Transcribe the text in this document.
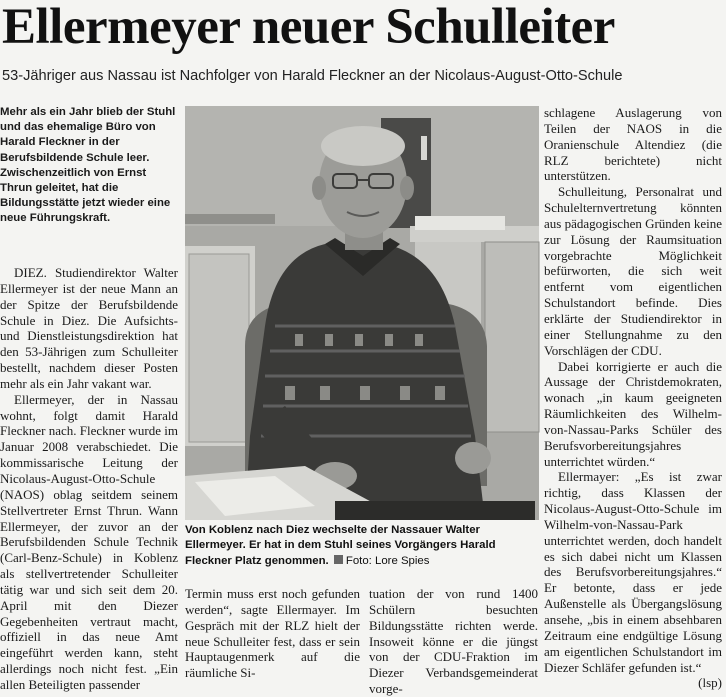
Ellermeyer neuer Schulleiter
53-Jähriger aus Nassau ist Nachfolger von Harald Fleckner an der Nicolaus-August-Otto-Schule
Mehr als ein Jahr blieb der Stuhl und das ehemalige Büro von Harald Fleckner in der Berufsbildende Schule leer. Zwischenzeitlich von Ernst Thrun geleitet, hat die Bildungsstätte jetzt wieder eine neue Führungskraft.

DIEZ. Studiendirektor Walter Ellermeyer ist der neue Mann an der Spitze der Berufsbildende Schule in Diez. Die Aufsichts- und Dienstleistungsdirektion hat den 53-Jährigen zum Schulleiter bestellt, nachdem dieser Posten mehr als ein Jahr vakant war.

Ellermeyer, der in Nassau wohnt, folgt damit Harald Fleckner nach. Fleckner wurde im Januar 2008 verabschiedet. Die kommissarische Leitung der Nicolaus-August-Otto-Schule (NAOS) oblag seitdem seinem Stellvertreter Ernst Thrun. Wann Ellermeyer, der zuvor an der Berufsbildenden Schule Technik (Carl-Benz-Schule) in Koblenz als stellvertretender Schulleiter tätig war und sich seit dem 20. April mit den Diezer Gegebenheiten vertraut macht, offiziell in das neue Amt eingeführt werden kann, steht allerdings noch nicht fest. „Ein allen Beteiligten passender

Von Koblenz nach Diez wechselte der Nassauer Walter Ellermeyer. Er hat in dem Stuhl seines Vorgängers Harald Fleckner Platz genommen. Foto: Lore Spies

Termin muss erst noch gefunden werden“, sagte Ellermayer. Im Gespräch mit der RLZ hielt der neue Schulleiter fest, dass er sein Hauptaugenmerk auf die räumliche Si-

tuation der von rund 1400 Schülern besuchten Bildungsstätte richten werde. Insoweit könne er die jüngst von der CDU-Fraktion im Diezer Verbandsgemeinderat vorge-

schlagene Auslagerung von Teilen der NAOS in die Oranienschule Altendiez (die RLZ berichtete) nicht unterstützen.

Schulleitung, Personalrat und Schulelternvertretung könnten aus pädagogischen Gründen keine zur Lösung der Raumsituation vorgebrachte Möglichkeit befürworten, die sich weit entfernt vom eigentlichen Schulstandort befinde. Dies erklärte der Studiendirektor in einer Stellungnahme zu den Vorschlägen der CDU.

Dabei korrigierte er auch die Aussage der Christdemokraten, wonach „in kaum geeigneten Räumlichkeiten des Wilhelm-von-Nassau-Parks Schüler des Berufsvorbereitungsjahres unterrichtet würden.“

Ellermayer: „Es ist zwar richtig, dass Klassen der Nicolaus-August-Otto-Schule im Wilhelm-von-Nassau-Park unterrichtet werden, doch handelt es sich dabei nicht um Klassen des Berufsvorbereitungsjahres.“ Er betonte, dass er jede Außenstelle als Übergangslösung ansehe, „bis in einem absehbaren Zeitraum eine endgültige Lösung am eigentlichen Schulstandort im Diezer Schläfer gefunden ist.“

(lsp)
